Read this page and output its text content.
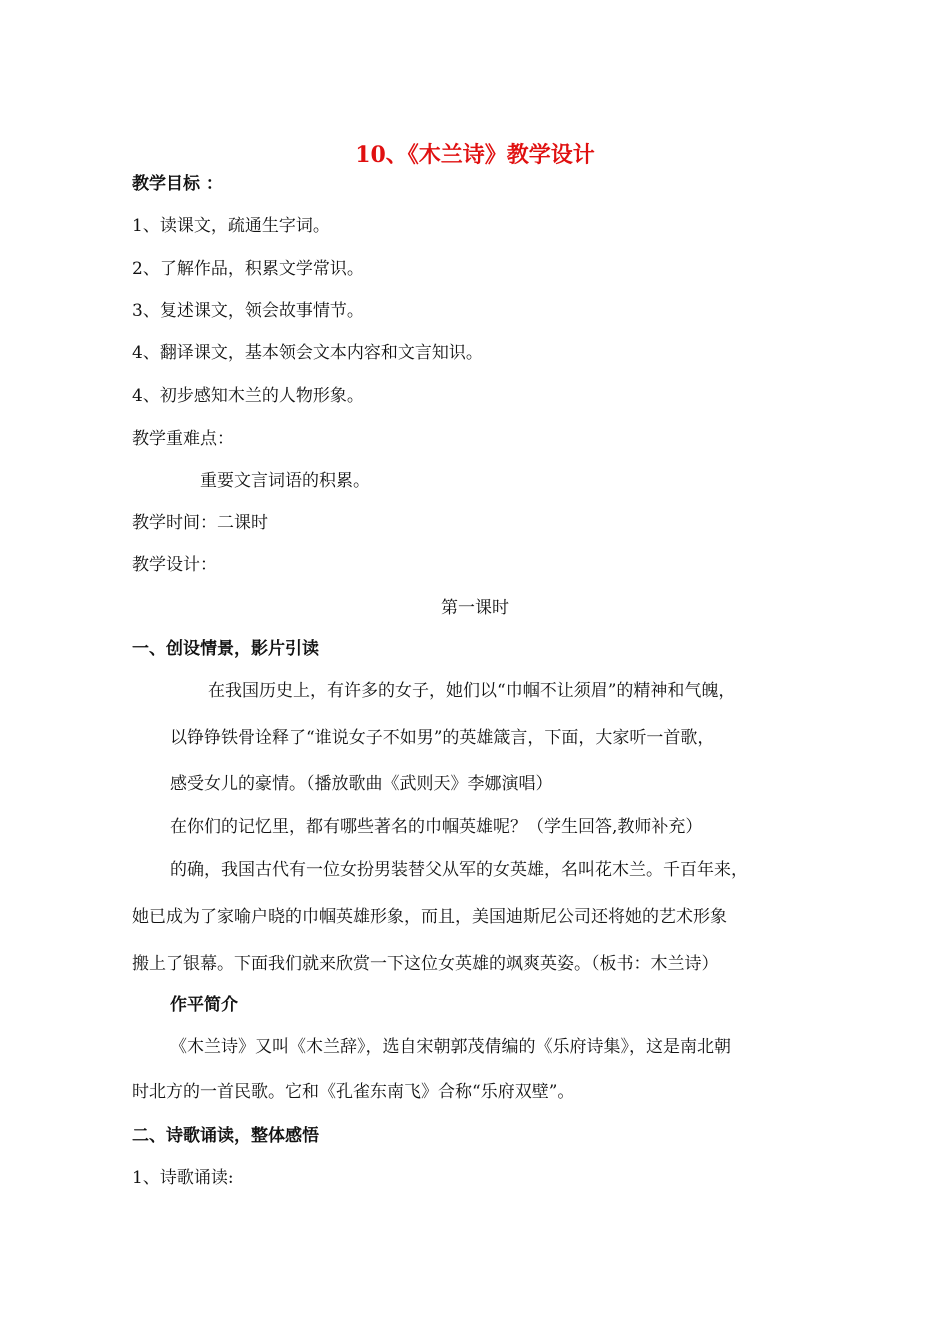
10、《木兰诗》教学设计
教学目标 ：
1、读课文，疏通生字词。
2、了解作品，积累文学常识。
3、复述课文，领会故事情节。
4、翻译课文，基本领会文本内容和文言知识。
4、初步感知木兰的人物形象。
教学重难点：
重要文言词语的积累。
教学时间：二课时
教学设计：
第一课时
一、创设情景，影片引读
在我国历史上，有许多的女子，她们以“巾帼不让须眉”的精神和气魄，
以铮铮铁骨诠释了“谁说女子不如男”的英雄箴言，下面，大家听一首歌，
感受女儿的豪情。（播放歌曲《武则天》李娜演唱）
在你们的记忆里，都有哪些著名的巾帼英雄呢？（学生回答,教师补充）
的确，我国古代有一位女扮男装替父从军的女英雄，名叫花木兰。千百年来，
她已成为了家喻户晓的巾帼英雄形象，而且，美国迪斯尼公司还将她的艺术形象
搬上了银幕。下面我们就来欣赏一下这位女英雄的飒爽英姿。（板书：木兰诗）
作平简介
《木兰诗》又叫《木兰辞》，选自宋朝郭茂倩编的《乐府诗集》，这是南北朝
时北方的一首民歌。它和《孔雀东南飞》合称“乐府双壁”。
二、诗歌诵读，整体感悟
1、诗歌诵读:
